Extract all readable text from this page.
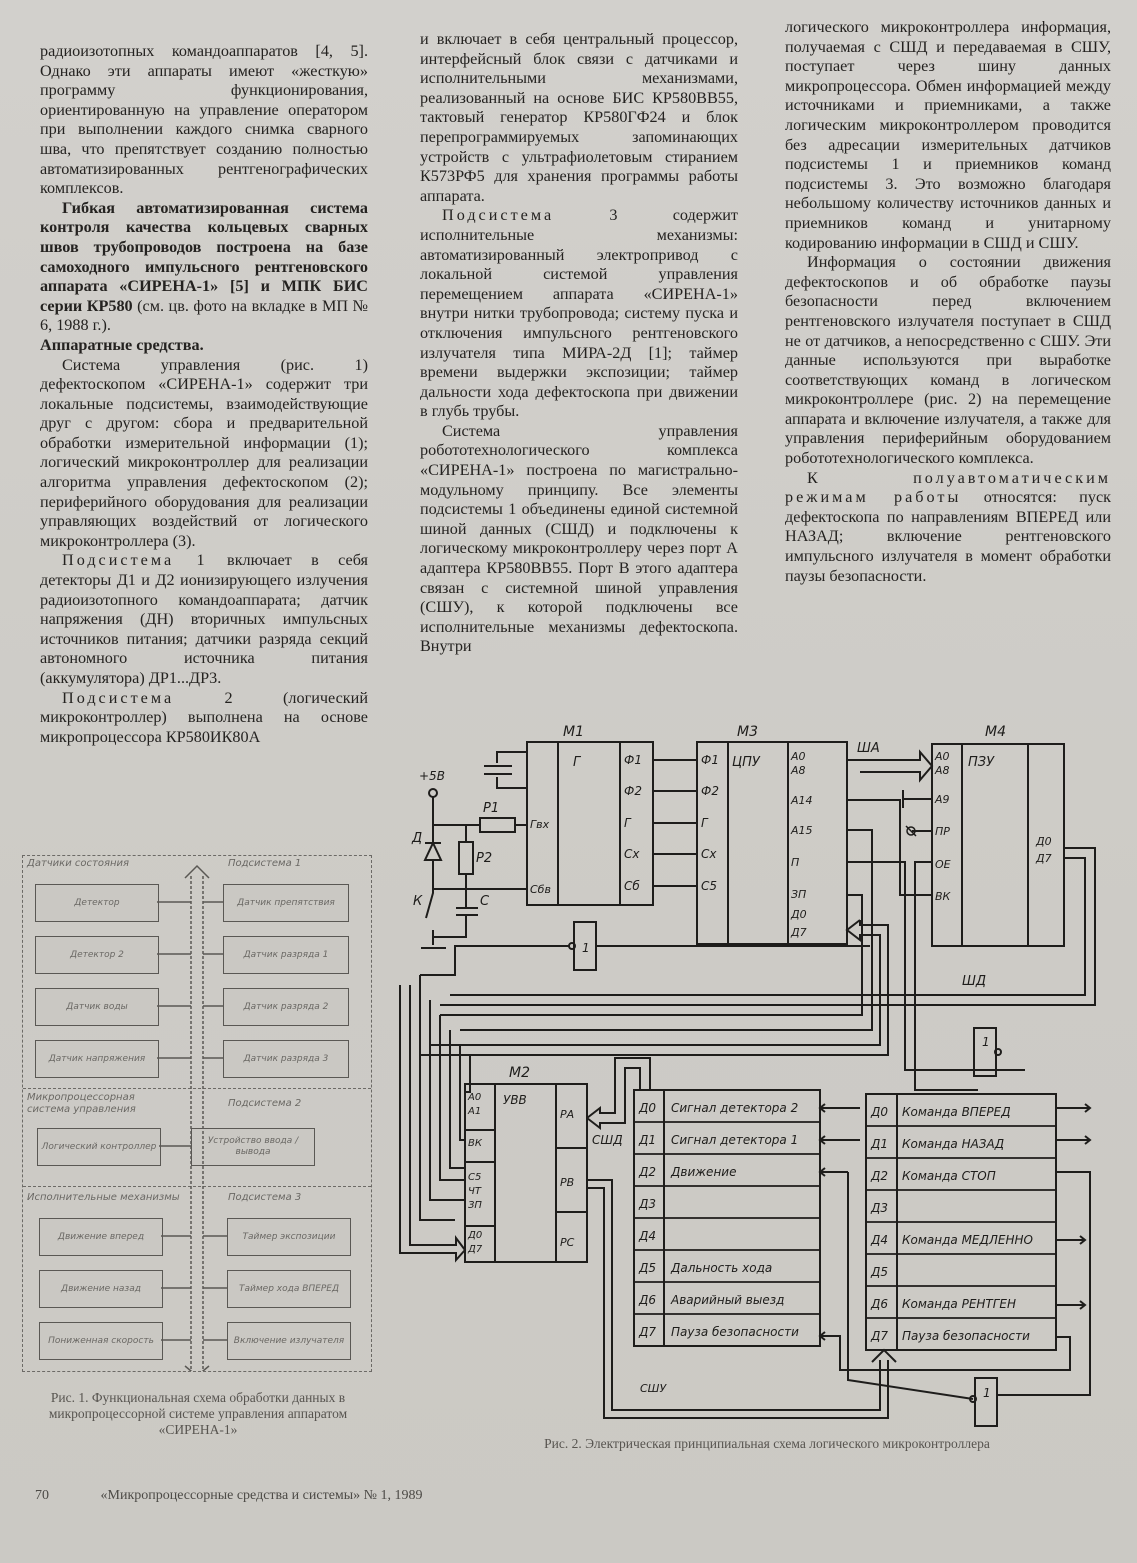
радиоизотопных командоаппаратов [4, 5]. Однако эти аппараты имеют «жесткую» программу функционирования, ориентированную на управление оператором при выполнении каждого снимка сварного шва, что препятствует созданию полностью автоматизированных рентгенографических комплексов.

Гибкая автоматизированная система контроля качества кольцевых сварных швов трубопроводов построена на базе самоходного импульсного рентгеновского аппарата «СИРЕНА-1» [5] и МПК БИС серии КР580 (см. цв. фото на вкладке в МП № 6, 1988 г.).

Аппаратные средства.

Система управления (рис. 1) дефектоскопом «СИРЕНА-1» содержит три локальные подсистемы, взаимодействующие друг с другом: сбора и предварительной обработки измерительной информации (1); логический микроконтроллер для реализации алгоритма управления дефектоскопом (2); периферийного оборудования для реализации управляющих воздействий от логического микроконтроллера (3).

Подсистема 1 включает в себя детекторы Д1 и Д2 ионизирующего излучения радиоизотопного командоаппарата; датчик напряжения (ДН) вторичных импульсных источников питания; датчики разряда секций автономного источника питания (аккумулятора) ДР1...ДР3.

Подсистема 2 (логический микроконтроллер) выполнена на основе микропроцессора КР580ИК80А

и включает в себя центральный процессор, интерфейсный блок связи с датчиками и исполнительными механизмами, реализованный на основе БИС КР580ВВ55, тактовый генератор КР580ГФ24 и блок перепрограммируемых запоминающих устройств с ультрафиолетовым стиранием К573РФ5 для хранения программы работы аппарата.

Подсистема 3 содержит исполнительные механизмы: автоматизированный электропривод с локальной системой управления перемещением аппарата «СИРЕНА-1» внутри нитки трубопровода; систему пуска и отключения импульсного рентгеновского излучателя типа МИРА-2Д [1]; таймер времени выдержки экспозиции; таймер дальности хода дефектоскопа при движении в глубь трубы.

Система управления робототехнологического комплекса «СИРЕНА-1» построена по магистрально-модульному принципу. Все элементы подсистемы 1 объединены единой системной шиной данных (СШД) и подключены к логическому микроконтроллеру через порт А адаптера КР580ВВ55. Порт В этого адаптера связан с системной шиной управления (СШУ), к которой подключены все исполнительные механизмы дефектоскопа. Внутри

логического микроконтроллера информация, получаемая с СШД и передаваемая в СШУ, поступает через шину данных микропроцессора. Обмен информацией между источниками и приемниками, а также логическим микроконтроллером проводится без адресации измерительных датчиков подсистемы 1 и приемников команд подсистемы 3. Это возможно благодаря небольшому количеству источников данных и приемников команд и унитарному кодированию информации в СШД и СШУ.

Информация о состоянии движения дефектоскопов и об обработке паузы безопасности перед включением рентгеновского излучателя поступает в СШД не от датчиков, а непосредственно с СШУ. Эти данные используются при выработке соответствующих команд в логическом микроконтроллере (рис. 2) на перемещение аппарата и включение излучателя, а также для управления периферийным оборудованием робототехнологического комплекса.

К полуавтоматическим режимам работы относятся: пуск дефектоскопа по направлениям ВПЕРЕД или НАЗАД; включение рентгеновского импульсного излучателя в момент обработки паузы безопасности.

Датчики состояния	Подсистема 1
Детектор
Детектор 2
Датчик воды
Датчик напряжения
Датчик препятствия
Датчик разряда 1
Датчик разряда 2
Датчик разряда 3
Микропроцессорная система управления
Подсистема 2
Логический контроллер
Устройство ввода / вывода
Исполнительные механизмы	Подсистема 3
Движение вперед
Движение назад
Пониженная скорость
Таймер экспозиции
Таймер хода ВПЕРЕД
Включение излучателя
Рис. 1. Функциональная схема обработки данных в микропроцессорной системе управления аппаратом «СИРЕНА-1»
М1
Г
Гвх
Сбв
Ф1
Ф2
Г
Сх
Сб
М3
ЦПУ
Ф1
Ф2
Г
Сх
С5
А0
А8
А14
А15
П
ЗП
Д0
Д7
М4
ПЗУ
А0
А8
А9
ПР
ОЕ
ВК
Д0
Д7
М2
УВВ
А0
А1
ВК
С5
ЧТ
ЗП
Д0
Д7
РА
РВ
РС
ША
ШД
СШД
СШУ
+5В
Р1
Р2
С
Д
К
1
1
1
Д0 Сигнал детектора 2
Д1 Сигнал детектора 1
Д2 Движение
Д3
Д4
Д5 Дальность хода
Д6 Аварийный выезд
Д7 Пауза безопасности
Д0 Команда ВПЕРЕД
Д1 Команда НАЗАД
Д2 Команда СТОП
Д3
Д4 Команда МЕДЛЕННО
Д5
Д6 Команда РЕНТГЕН
Д7 Пауза безопасности
Рис. 2. Электрическая принципиальная схема логического микроконтроллера
70	«Микропроцессорные средства и системы» № 1, 1989
